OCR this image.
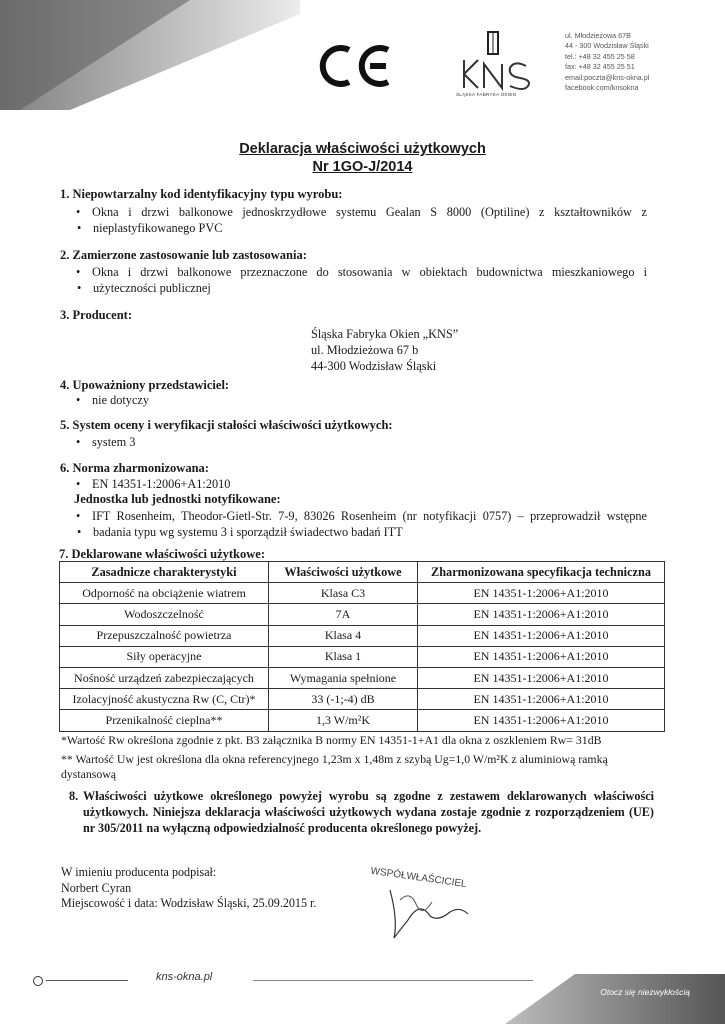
ŚLĄSKA FABRYKA OKIEN
ul. Młodzieżowa 67B
44 - 300 Wodzisław Śląski
tel.: +48 32 455 25 58
fax: +48 32 455 25 51
email:poczta@kns-okna.pl
facebook.com/knsokna
Deklaracja właściwości użytkowych
Nr 1GO-J/2014
1. Niepowtarzalny kod identyfikacyjny typu wyrobu:
• Okna i drzwi balkonowe jednoskrzydłowe systemu Gealan S 8000 (Optiline) z kształtowników z
• nieplastyfikowanego PVC
2. Zamierzone zastosowanie lub zastosowania:
• Okna i drzwi balkonowe przeznaczone do stosowania w obiektach budownictwa mieszkaniowego i
• użyteczności publicznej
3. Producent:
Śląska Fabryka Okien „KNS”
ul. Młodzieżowa 67 b
44-300 Wodzisław Śląski
4. Upoważniony przedstawiciel:
• nie dotyczy
5. System oceny i weryfikacji stałości właściwości użytkowych:
• system 3
6. Norma zharmonizowana:
• EN 14351-1:2006+A1:2010
Jednostka lub jednostki notyfikowane:
• IFT Rosenheim, Theodor-Gietl-Str. 7-9, 83026 Rosenheim (nr notyfikacji 0757) – przeprowadził wstępne
• badania typu wg systemu 3 i sporządził świadectwo badań ITT
7. Deklarowane właściwości użytkowe:
Zasadnicze charakterystyki	Właściwości użytkowe	Zharmonizowana specyfikacja techniczna
Odporność na obciążenie wiatrem	Klasa C3	EN 14351-1:2006+A1:2010
Wodoszczelność	7A	EN 14351-1:2006+A1:2010
Przepuszczalność powietrza	Klasa 4	EN 14351-1:2006+A1:2010
Siły operacyjne	Klasa 1	EN 14351-1:2006+A1:2010
Nośność urządzeń zabezpieczających	Wymagania spełnione	EN 14351-1:2006+A1:2010
Izolacyjność akustyczna Rw (C, Ctr)*	33 (-1;-4) dB	EN 14351-1:2006+A1:2010
Przenikalność cieplna**	1,3 W/m²K	EN 14351-1:2006+A1:2010
*Wartość Rw określona zgodnie z pkt. B3 załącznika B normy EN 14351-1+A1 dla okna z oszkleniem Rw= 31dB
** Wartość Uw jest określona dla okna referencyjnego 1,23m x 1,48m z szybą Ug=1,0 W/m²K z aluminiową ramką
dystansową
8. Właściwości użytkowe określonego powyżej wyrobu są zgodne z zestawem deklarowanych właściwości użytkowych. Niniejsza deklaracja właściwości użytkowych wydana zostaje zgodnie z rozporządzeniem (UE) nr 305/2011 na wyłączną odpowiedzialność producenta określonego powyżej.
W imieniu producenta podpisał:
Norbert Cyran
Miejscowość i data: Wodzisław Śląski, 25.09.2015 r.
WSPÓŁWŁAŚCICIEL
kns-okna.pl
Otocz się niezwykłością
